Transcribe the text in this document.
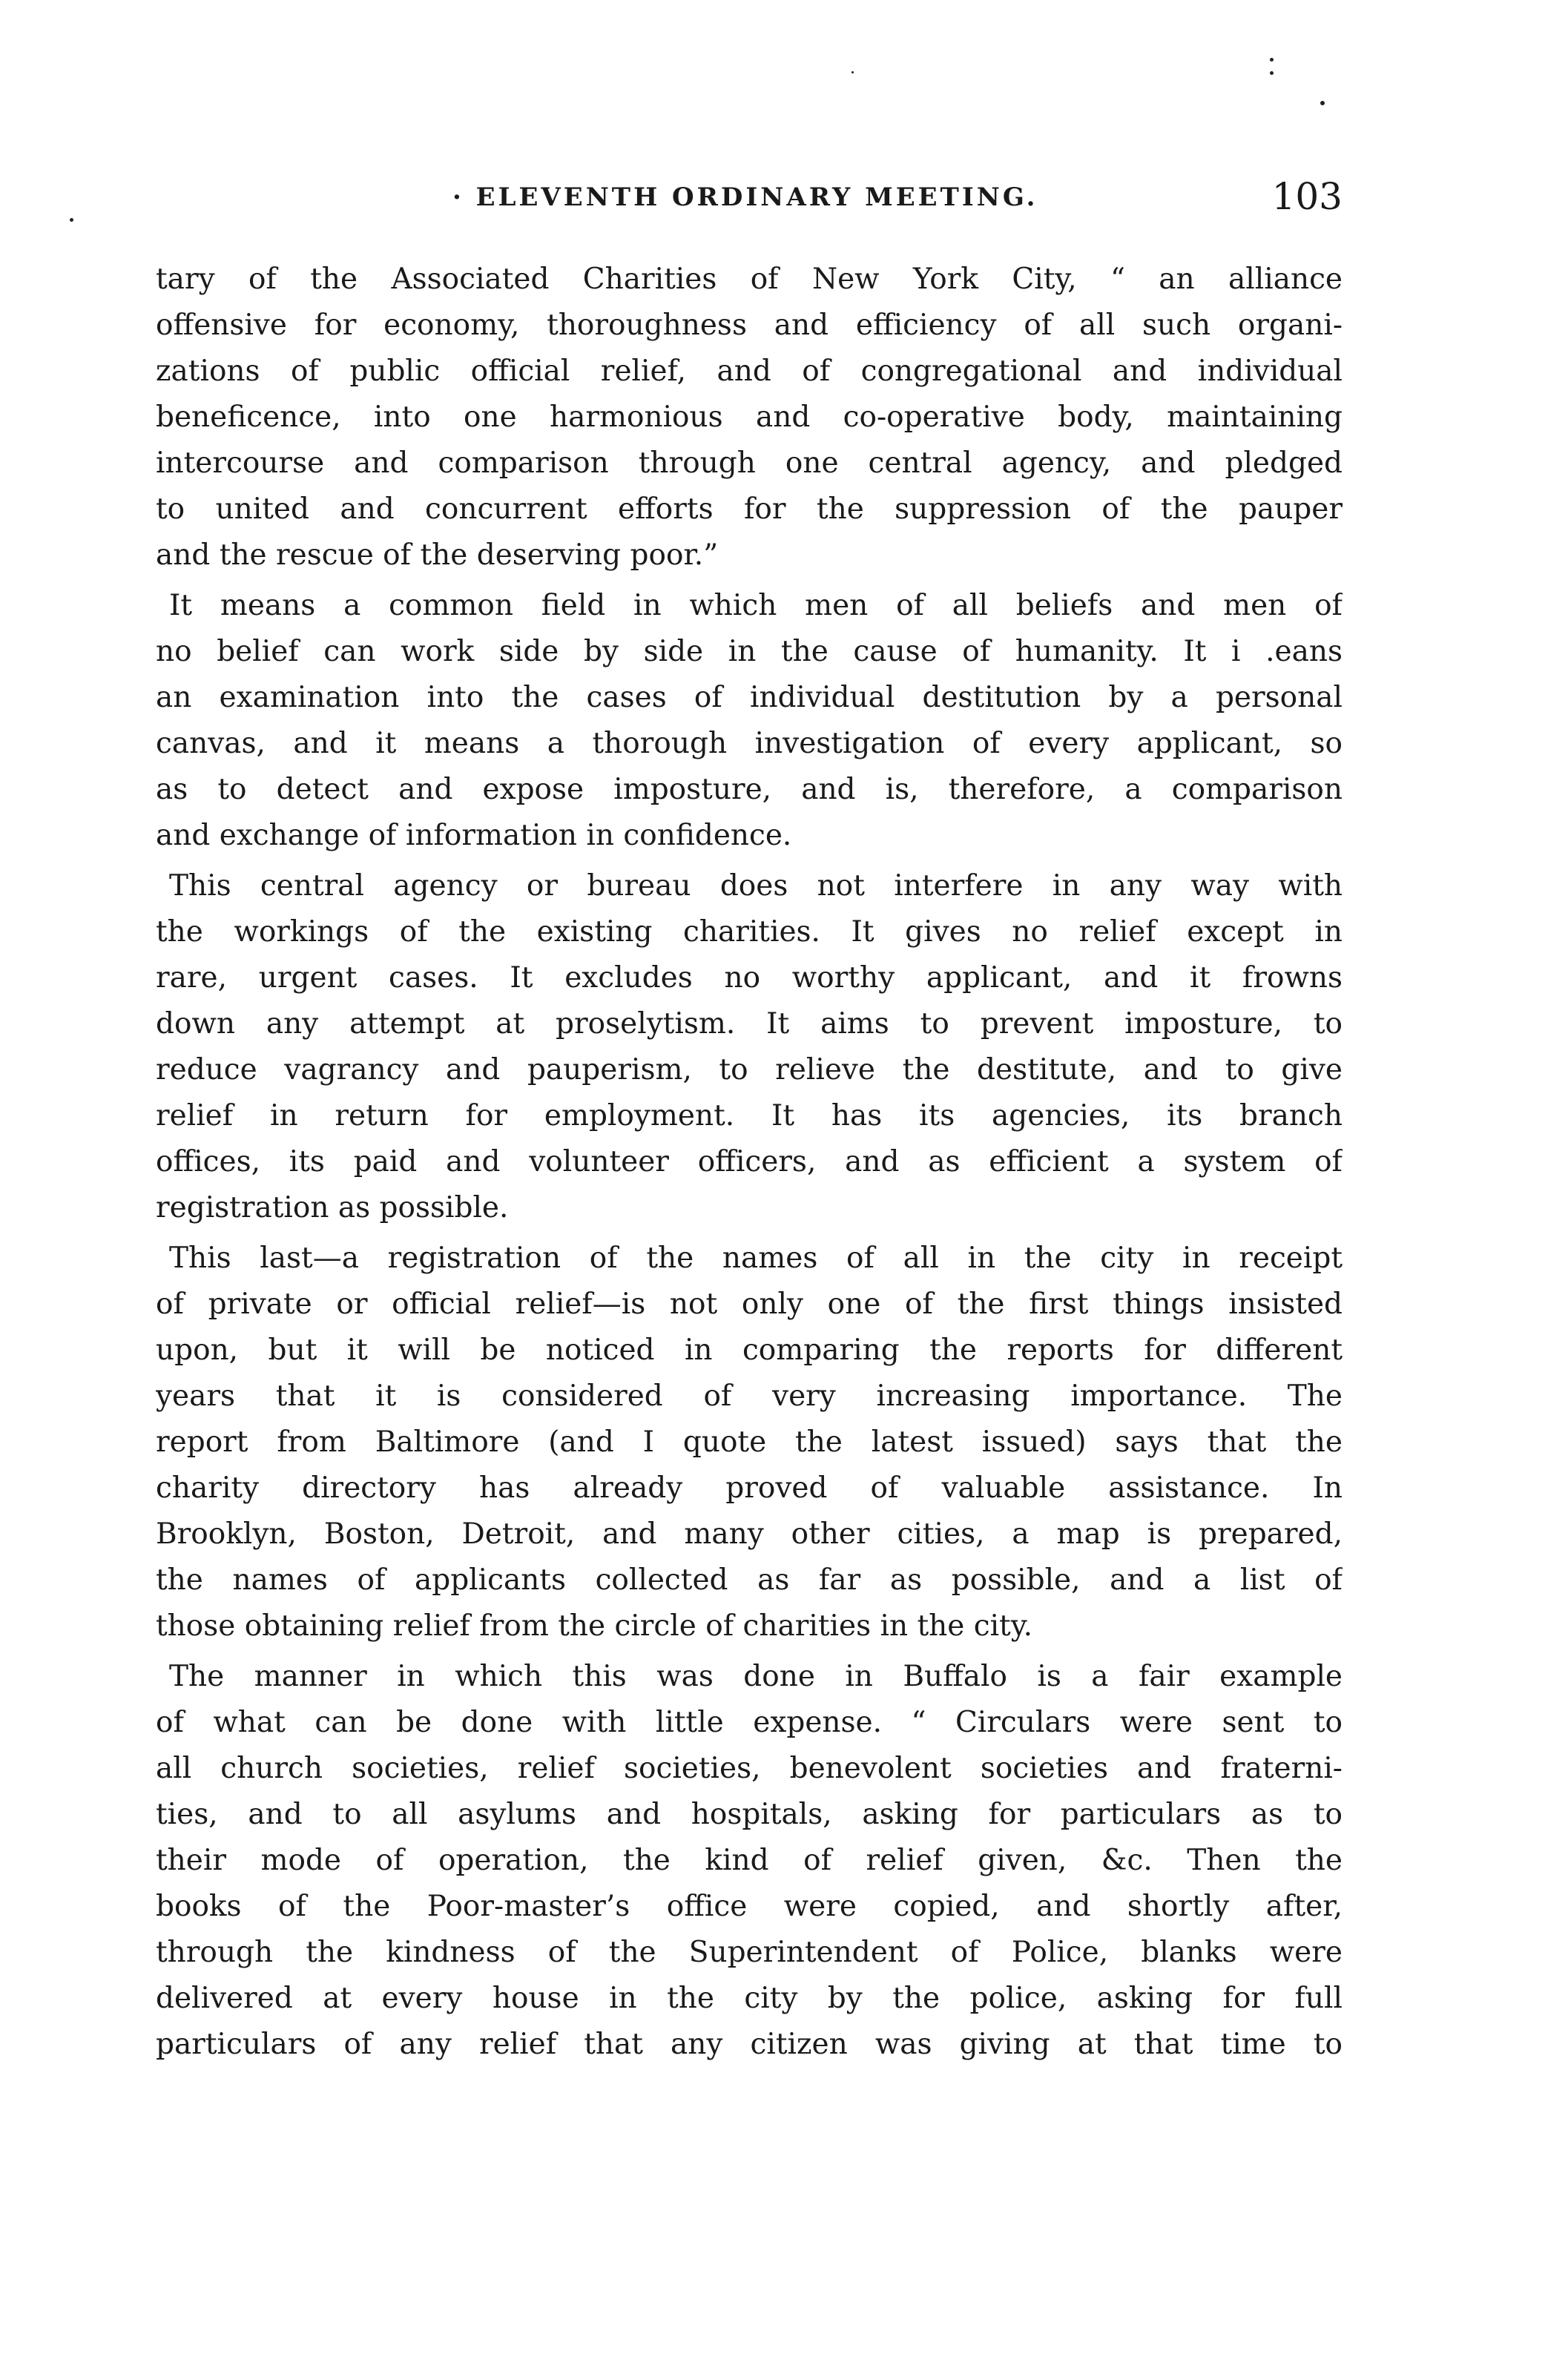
· ELEVENTH ORDINARY MEETING.	103
tary of the Associated Charities of New York City, “ an alliance
offensive for economy, thoroughness and efficiency of all such organi-
zations of public official relief, and of congregational and individual
beneficence, into one harmonious and co-operative body, maintaining
intercourse and comparison through one central agency, and pledged
to united and concurrent efforts for the suppression of the pauper
and the rescue of the deserving poor.”
It means a common field in which men of all beliefs and men of
no belief can work side by side in the cause of humanity. It i .eans
an examination into the cases of individual destitution by a personal
canvas, and it means a thorough investigation of every applicant, so
as to detect and expose imposture, and is, therefore, a comparison
and exchange of information in confidence.
This central agency or bureau does not interfere in any way with
the workings of the existing charities. It gives no relief except in
rare, urgent cases. It excludes no worthy applicant, and it frowns
down any attempt at proselytism. It aims to prevent imposture, to
reduce vagrancy and pauperism, to relieve the destitute, and to give
relief in return for employment. It has its agencies, its branch
offices, its paid and volunteer officers, and as efficient a system of
registration as possible.
This last—a registration of the names of all in the city in receipt
of private or official relief—is not only one of the first things insisted
upon, but it will be noticed in comparing the reports for different
years that it is considered of very increasing importance. The
report from Baltimore (and I quote the latest issued) says that the
charity directory has already proved of valuable assistance. In
Brooklyn, Boston, Detroit, and many other cities, a map is prepared,
the names of applicants collected as far as possible, and a list of
those obtaining relief from the circle of charities in the city.
The manner in which this was done in Buffalo is a fair example
of what can be done with little expense. “ Circulars were sent to
all church societies, relief societies, benevolent societies and fraterni-
ties, and to all asylums and hospitals, asking for particulars as to
their mode of operation, the kind of relief given, &c. Then the
books of the Poor-master’s office were copied, and shortly after,
through the kindness of the Superintendent of Police, blanks were
delivered at every house in the city by the police, asking for full
particulars of any relief that any citizen was giving at that time to
